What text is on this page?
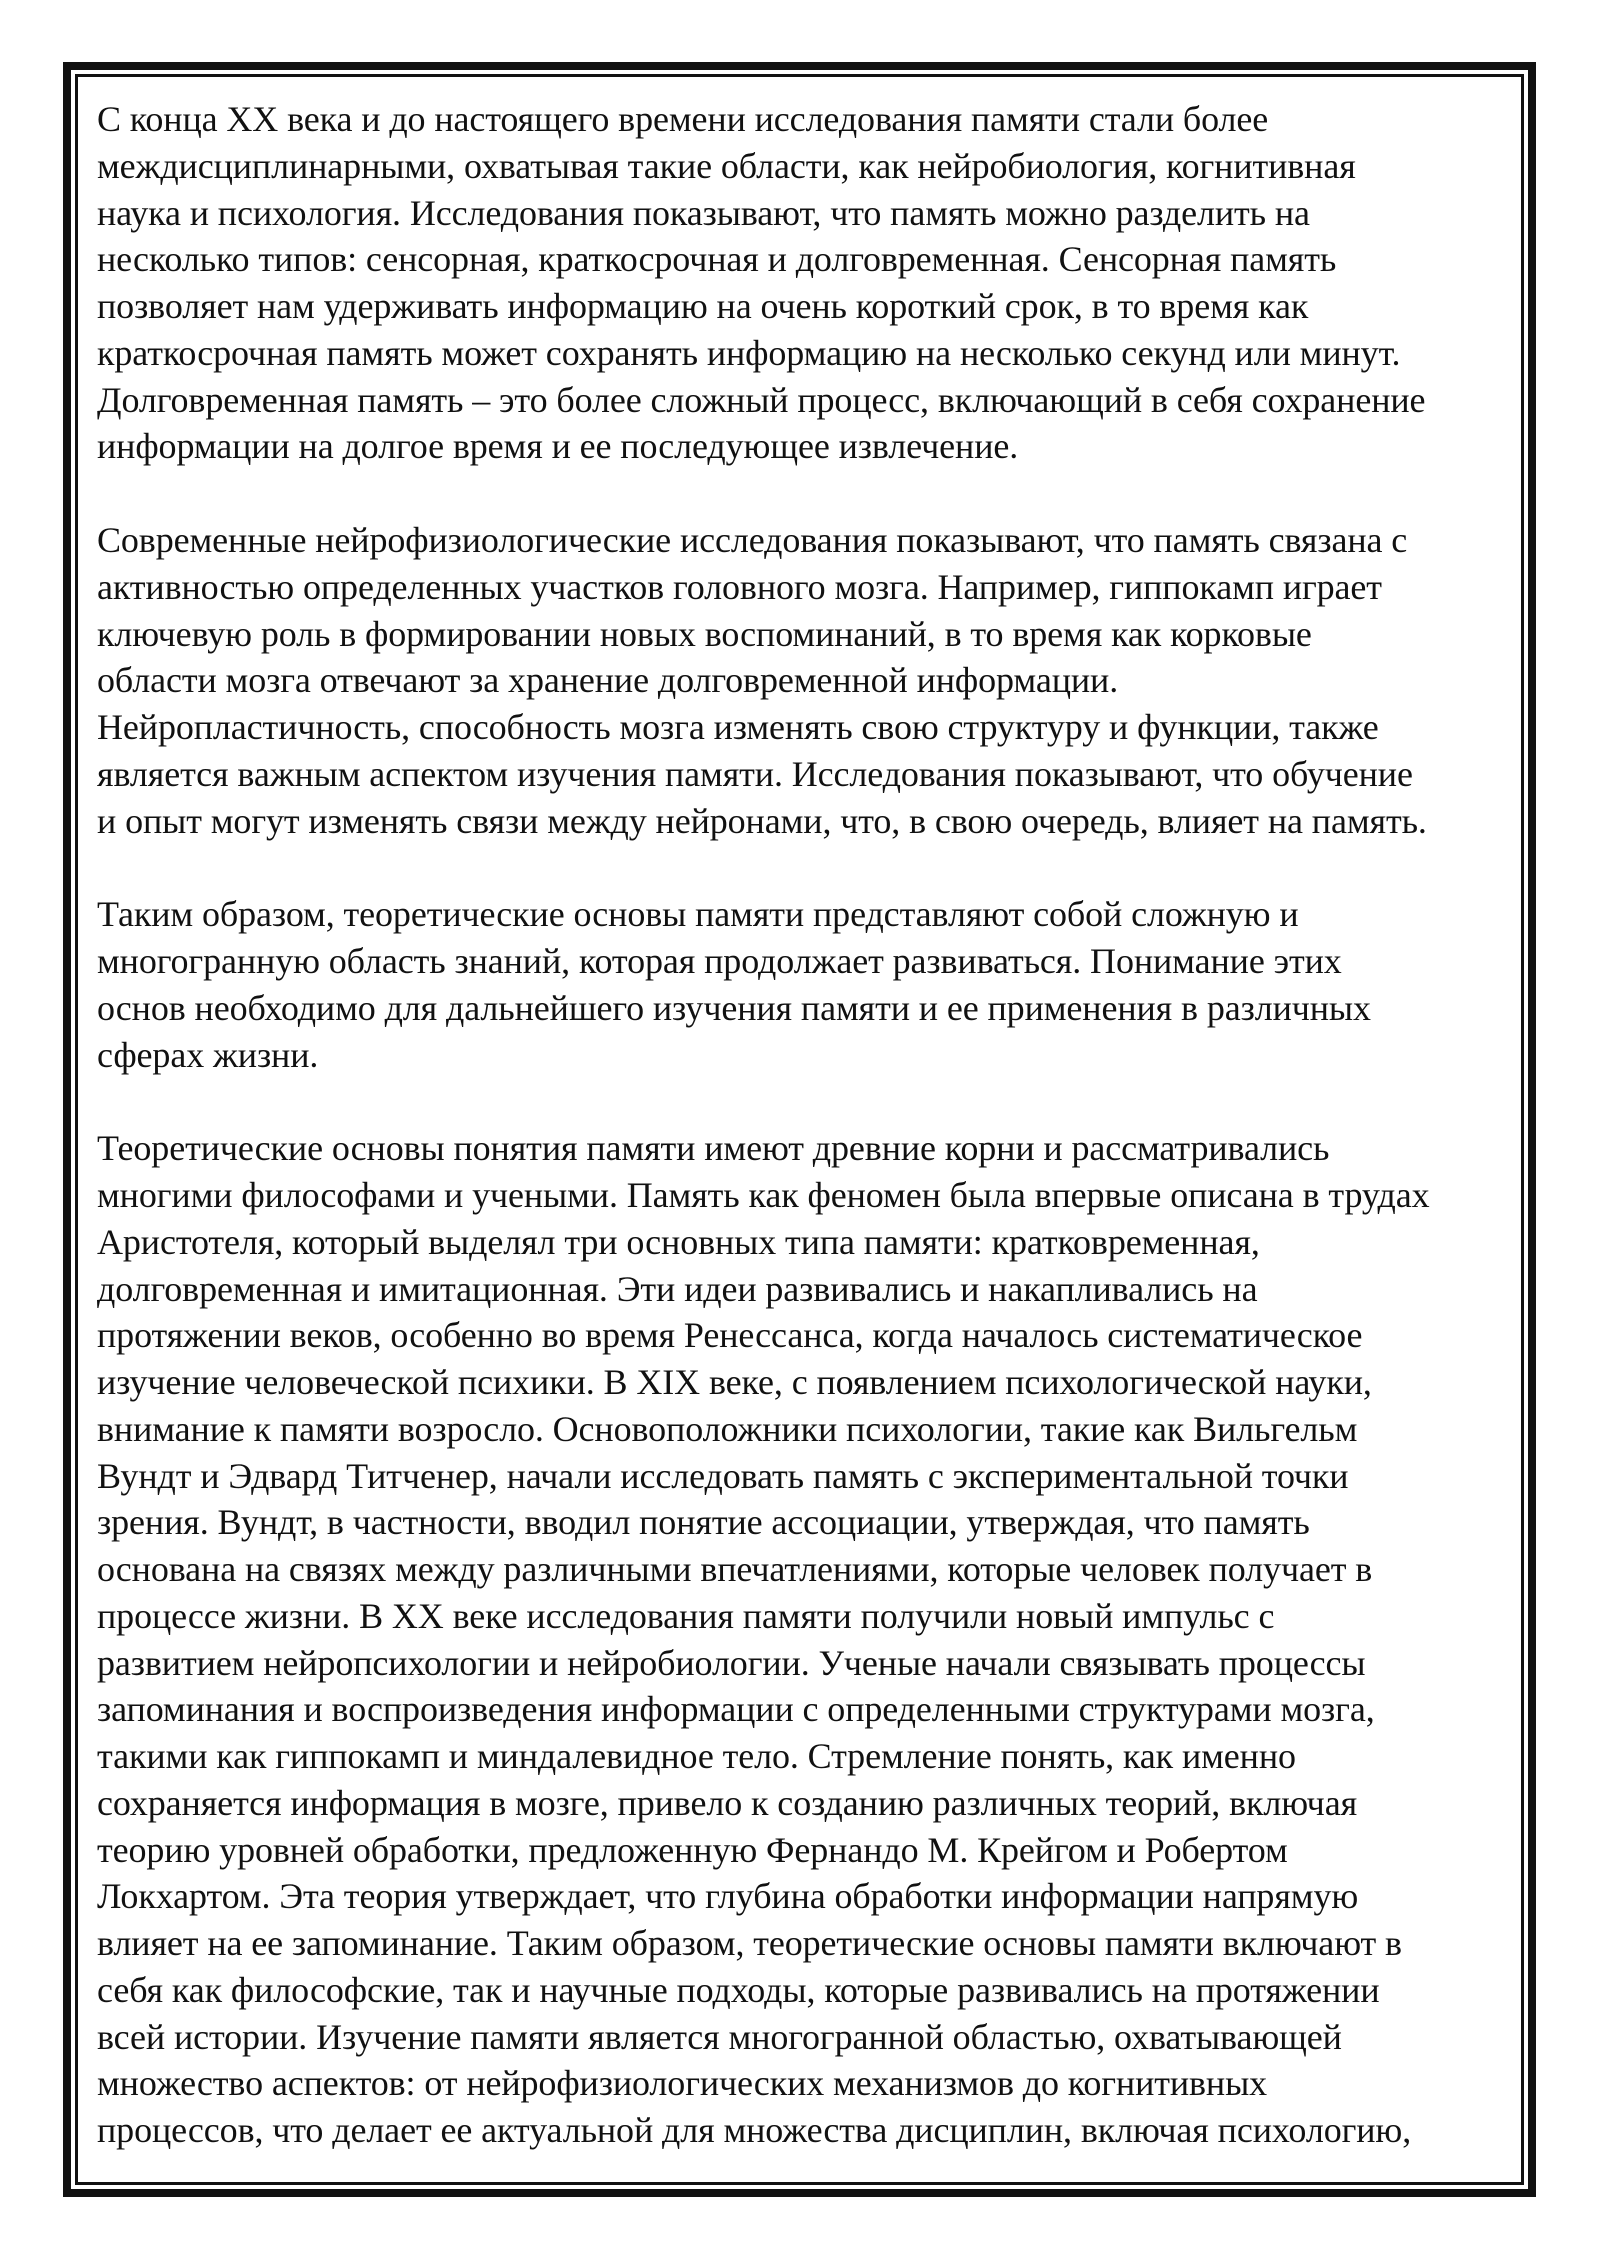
С конца XX века и до настоящего времени исследования памяти стали более
междисциплинарными, охватывая такие области, как нейробиология, когнитивная
наука и психология. Исследования показывают, что память можно разделить на
несколько типов: сенсорная, краткосрочная и долговременная. Сенсорная память
позволяет нам удерживать информацию на очень короткий срок, в то время как
краткосрочная память может сохранять информацию на несколько секунд или минут.
Долговременная память – это более сложный процесс, включающий в себя сохранение
информации на долгое время и ее последующее извлечение.

Современные нейрофизиологические исследования показывают, что память связана с
активностью определенных участков головного мозга. Например, гиппокамп играет
ключевую роль в формировании новых воспоминаний, в то время как корковые
области мозга отвечают за хранение долговременной информации.
Нейропластичность, способность мозга изменять свою структуру и функции, также
является важным аспектом изучения памяти. Исследования показывают, что обучение
и опыт могут изменять связи между нейронами, что, в свою очередь, влияет на память.

Таким образом, теоретические основы памяти представляют собой сложную и
многогранную область знаний, которая продолжает развиваться. Понимание этих
основ необходимо для дальнейшего изучения памяти и ее применения в различных
сферах жизни.

Теоретические основы понятия памяти имеют древние корни и рассматривались
многими философами и учеными. Память как феномен была впервые описана в трудах
Аристотеля, который выделял три основных типа памяти: кратковременная,
долговременная и имитационная. Эти идеи развивались и накапливались на
протяжении веков, особенно во время Ренессанса, когда началось систематическое
изучение человеческой психики. В XIX веке, с появлением психологической науки,
внимание к памяти возросло. Основоположники психологии, такие как Вильгельм
Вундт и Эдвард Титченер, начали исследовать память с экспериментальной точки
зрения. Вундт, в частности, вводил понятие ассоциации, утверждая, что память
основана на связях между различными впечатлениями, которые человек получает в
процессе жизни. В XX веке исследования памяти получили новый импульс с
развитием нейропсихологии и нейробиологии. Ученые начали связывать процессы
запоминания и воспроизведения информации с определенными структурами мозга,
такими как гиппокамп и миндалевидное тело. Стремление понять, как именно
сохраняется информация в мозге, привело к созданию различных теорий, включая
теорию уровней обработки, предложенную Фернандо М. Крейгом и Робертом
Локхартом. Эта теория утверждает, что глубина обработки информации напрямую
влияет на ее запоминание. Таким образом, теоретические основы памяти включают в
себя как философские, так и научные подходы, которые развивались на протяжении
всей истории. Изучение памяти является многогранной областью, охватывающей
множество аспектов: от нейрофизиологических механизмов до когнитивных
процессов, что делает ее актуальной для множества дисциплин, включая психологию,
